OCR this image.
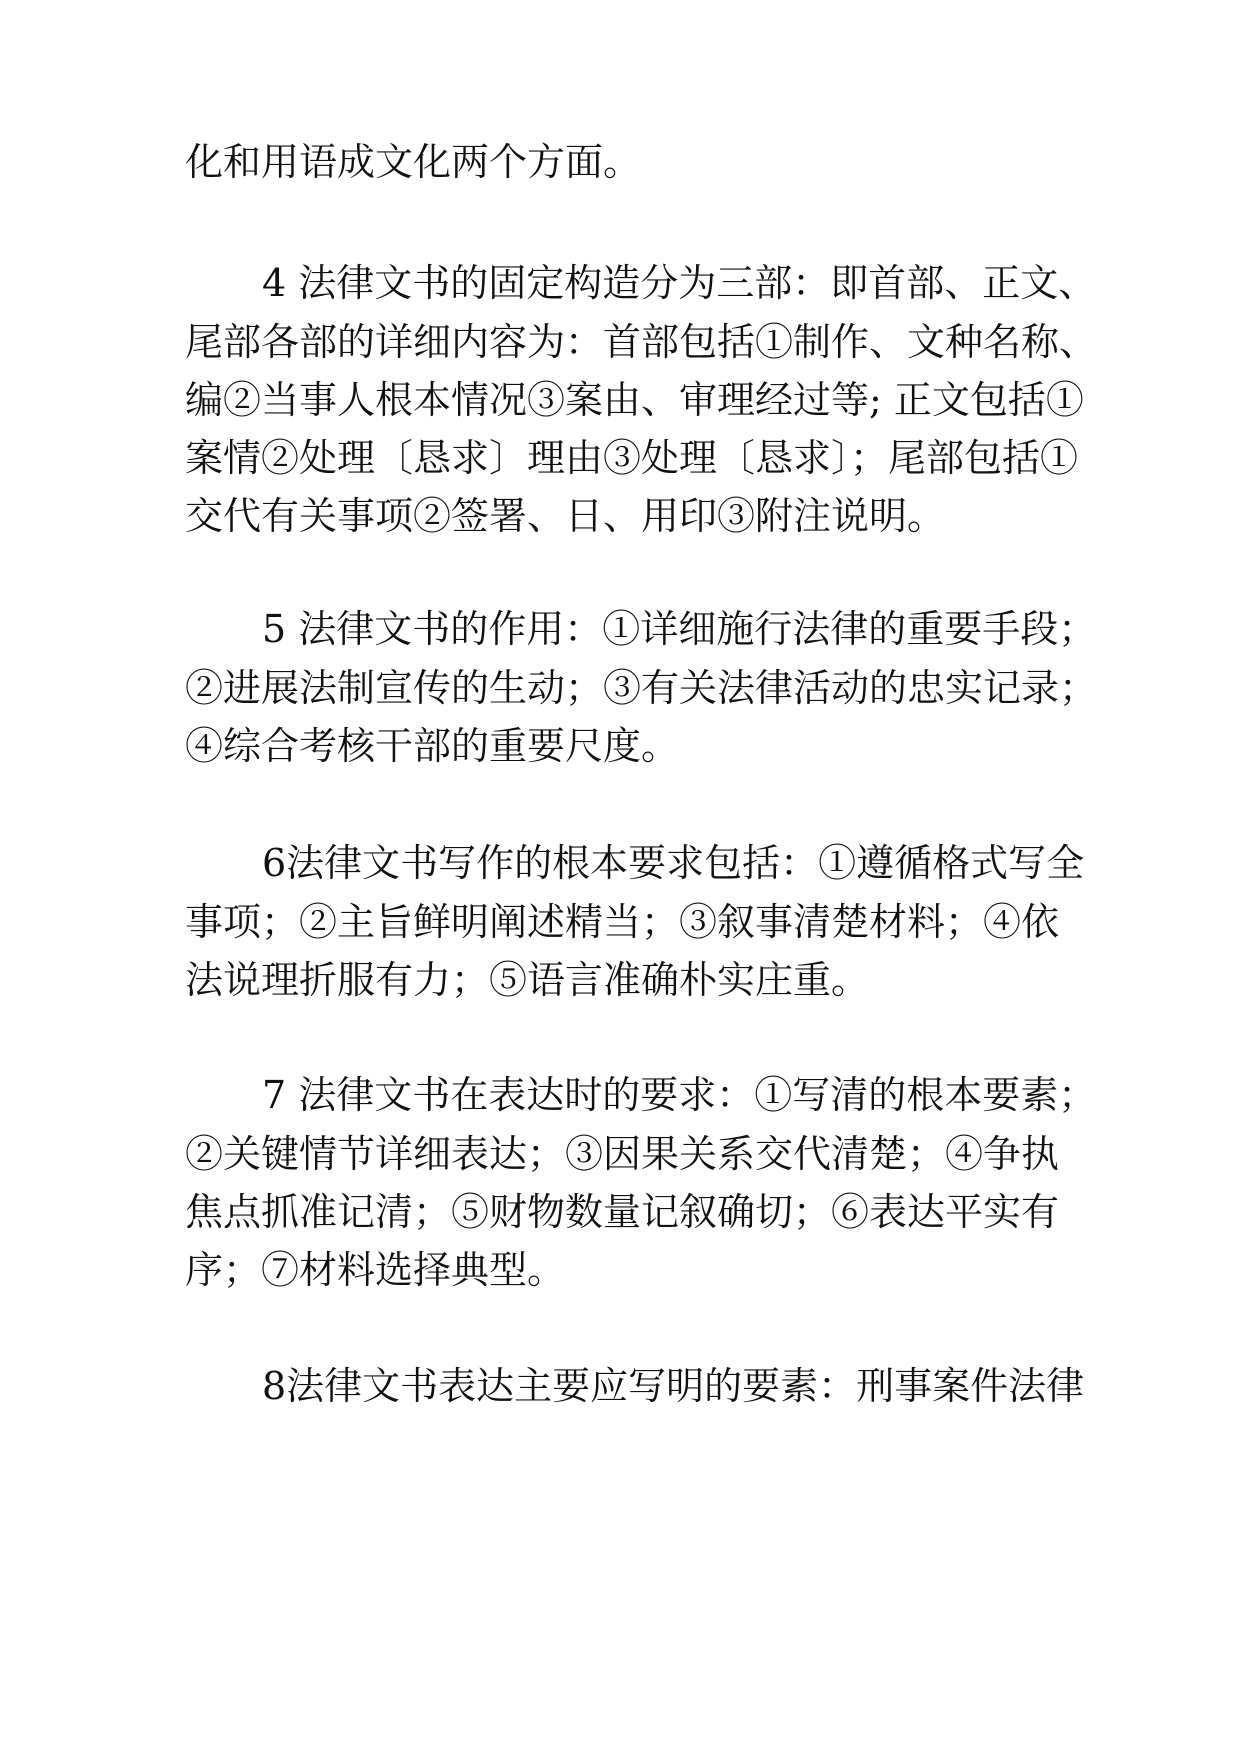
化和用语成文化两个方面。
4 法律文书的固定构造分为三部：即首部、正文、
尾部各部的详细内容为：首部包括①制作、文种名称、
编②当事人根本情况③案由、审理经过等; 正文包括①
案情②处理〔恳求〕理由③处理〔恳求〕；尾部包括①
交代有关事项②签署、日、用印③附注说明。
5 法律文书的作用：①详细施行法律的重要手段；
②进展法制宣传的生动；③有关法律活动的忠实记录；
④综合考核干部的重要尺度。
6法律文书写作的根本要求包括：①遵循格式写全
事项；②主旨鲜明阐述精当；③叙事清楚材料；④依
法说理折服有力；⑤语言准确朴实庄重。
7 法律文书在表达时的要求：①写清的根本要素；
②关键情节详细表达；③因果关系交代清楚；④争执
焦点抓准记清；⑤财物数量记叙确切；⑥表达平实有
序；⑦材料选择典型。
8法律文书表达主要应写明的要素：刑事案件法律
